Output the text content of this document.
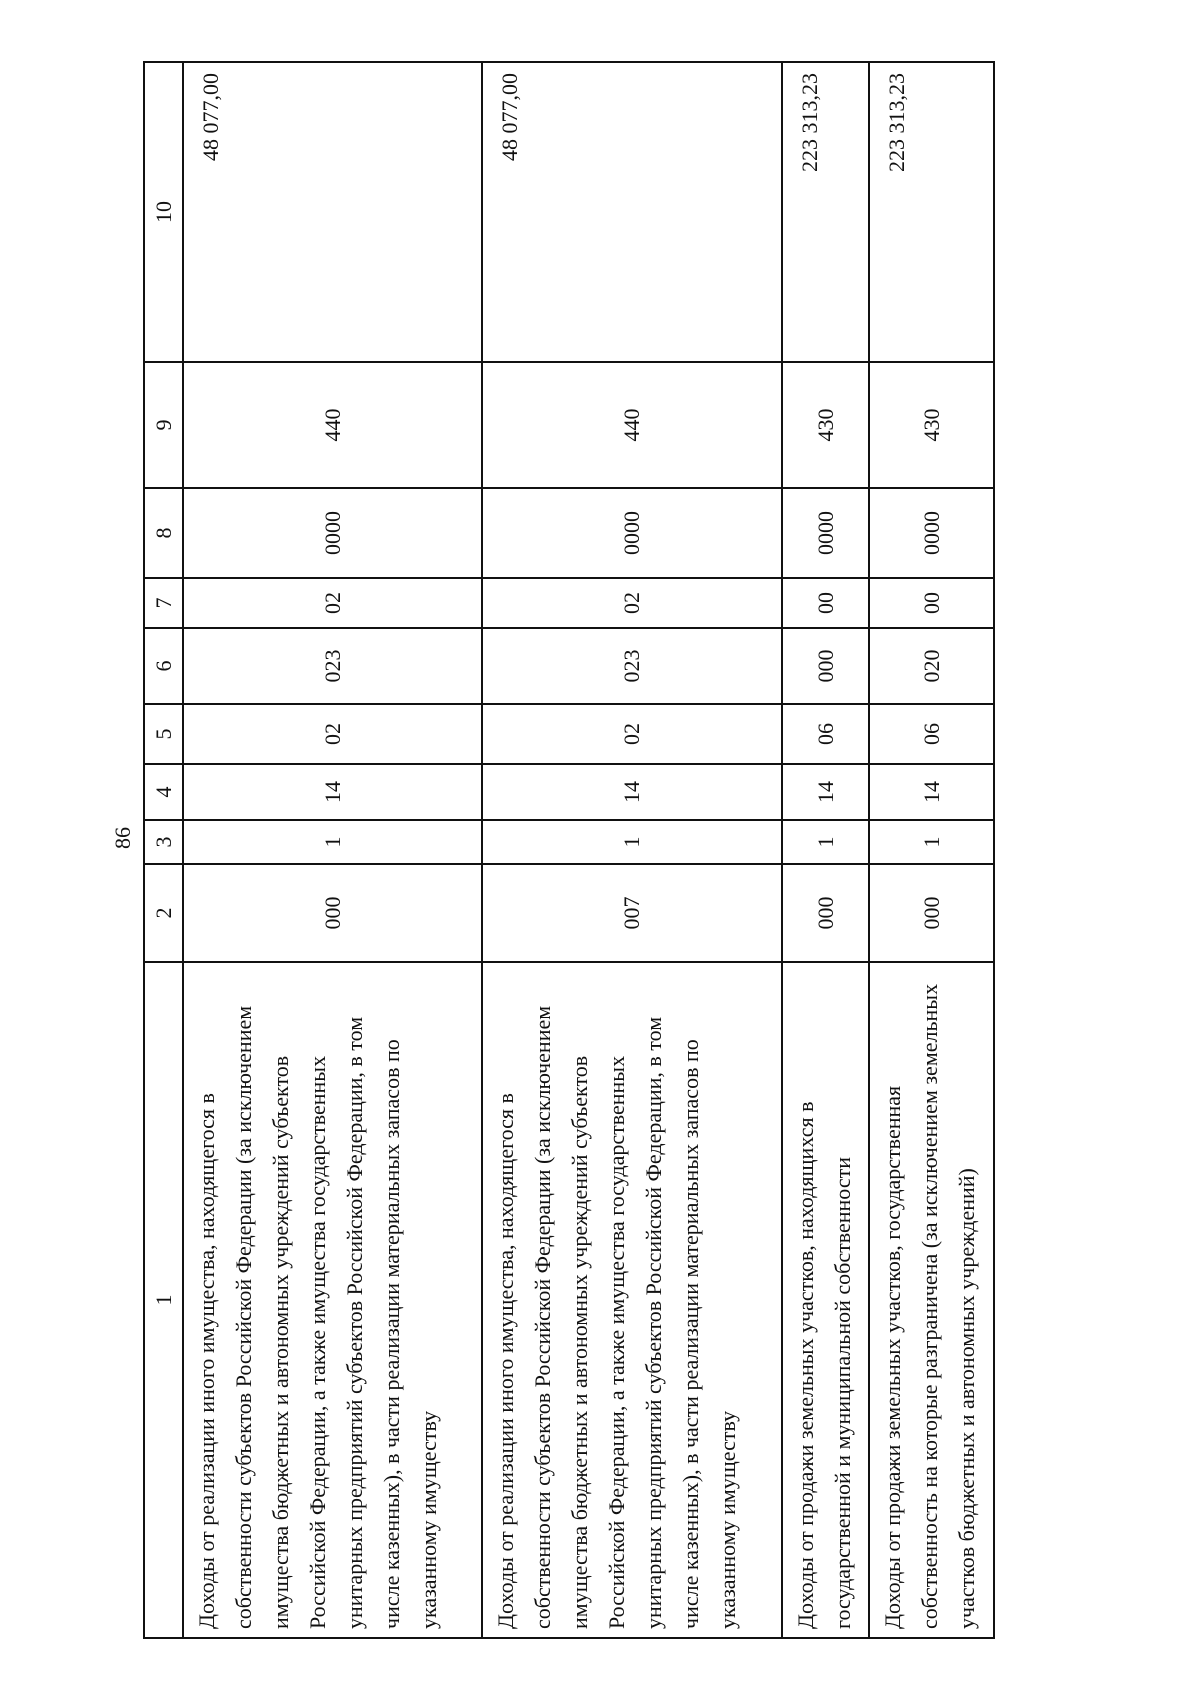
86
1	2	3	4	5	6	7	8	9	10
Доходы от реализации иного имущества, находящегося в собственности субъектов Российской Федерации (за исключением имущества бюджетных и автономных учреждений субъектов Российской Федерации, а также имущества государственных унитарных предприятий субъектов Российской Федерации, в том числе казенных), в части реализации материальных запасов по указанному имуществу	000	1	14	02	023	02	0000	440	48 077,00
Доходы от реализации иного имущества, находящегося в собственности субъектов Российской Федерации (за исключением имущества бюджетных и автономных учреждений субъектов Российской Федерации, а также имущества государственных унитарных предприятий субъектов Российской Федерации, в том числе казенных), в части реализации материальных запасов по указанному имуществу	007	1	14	02	023	02	0000	440	48 077,00
Доходы от продажи земельных участков, находящихся в государственной и муниципальной собственности	000	1	14	06	000	00	0000	430	223 313,23
Доходы от продажи земельных участков, государственная собственность на которые разграничена (за исключением земельных участков бюджетных и автономных учреждений)	000	1	14	06	020	00	0000	430	223 313,23
